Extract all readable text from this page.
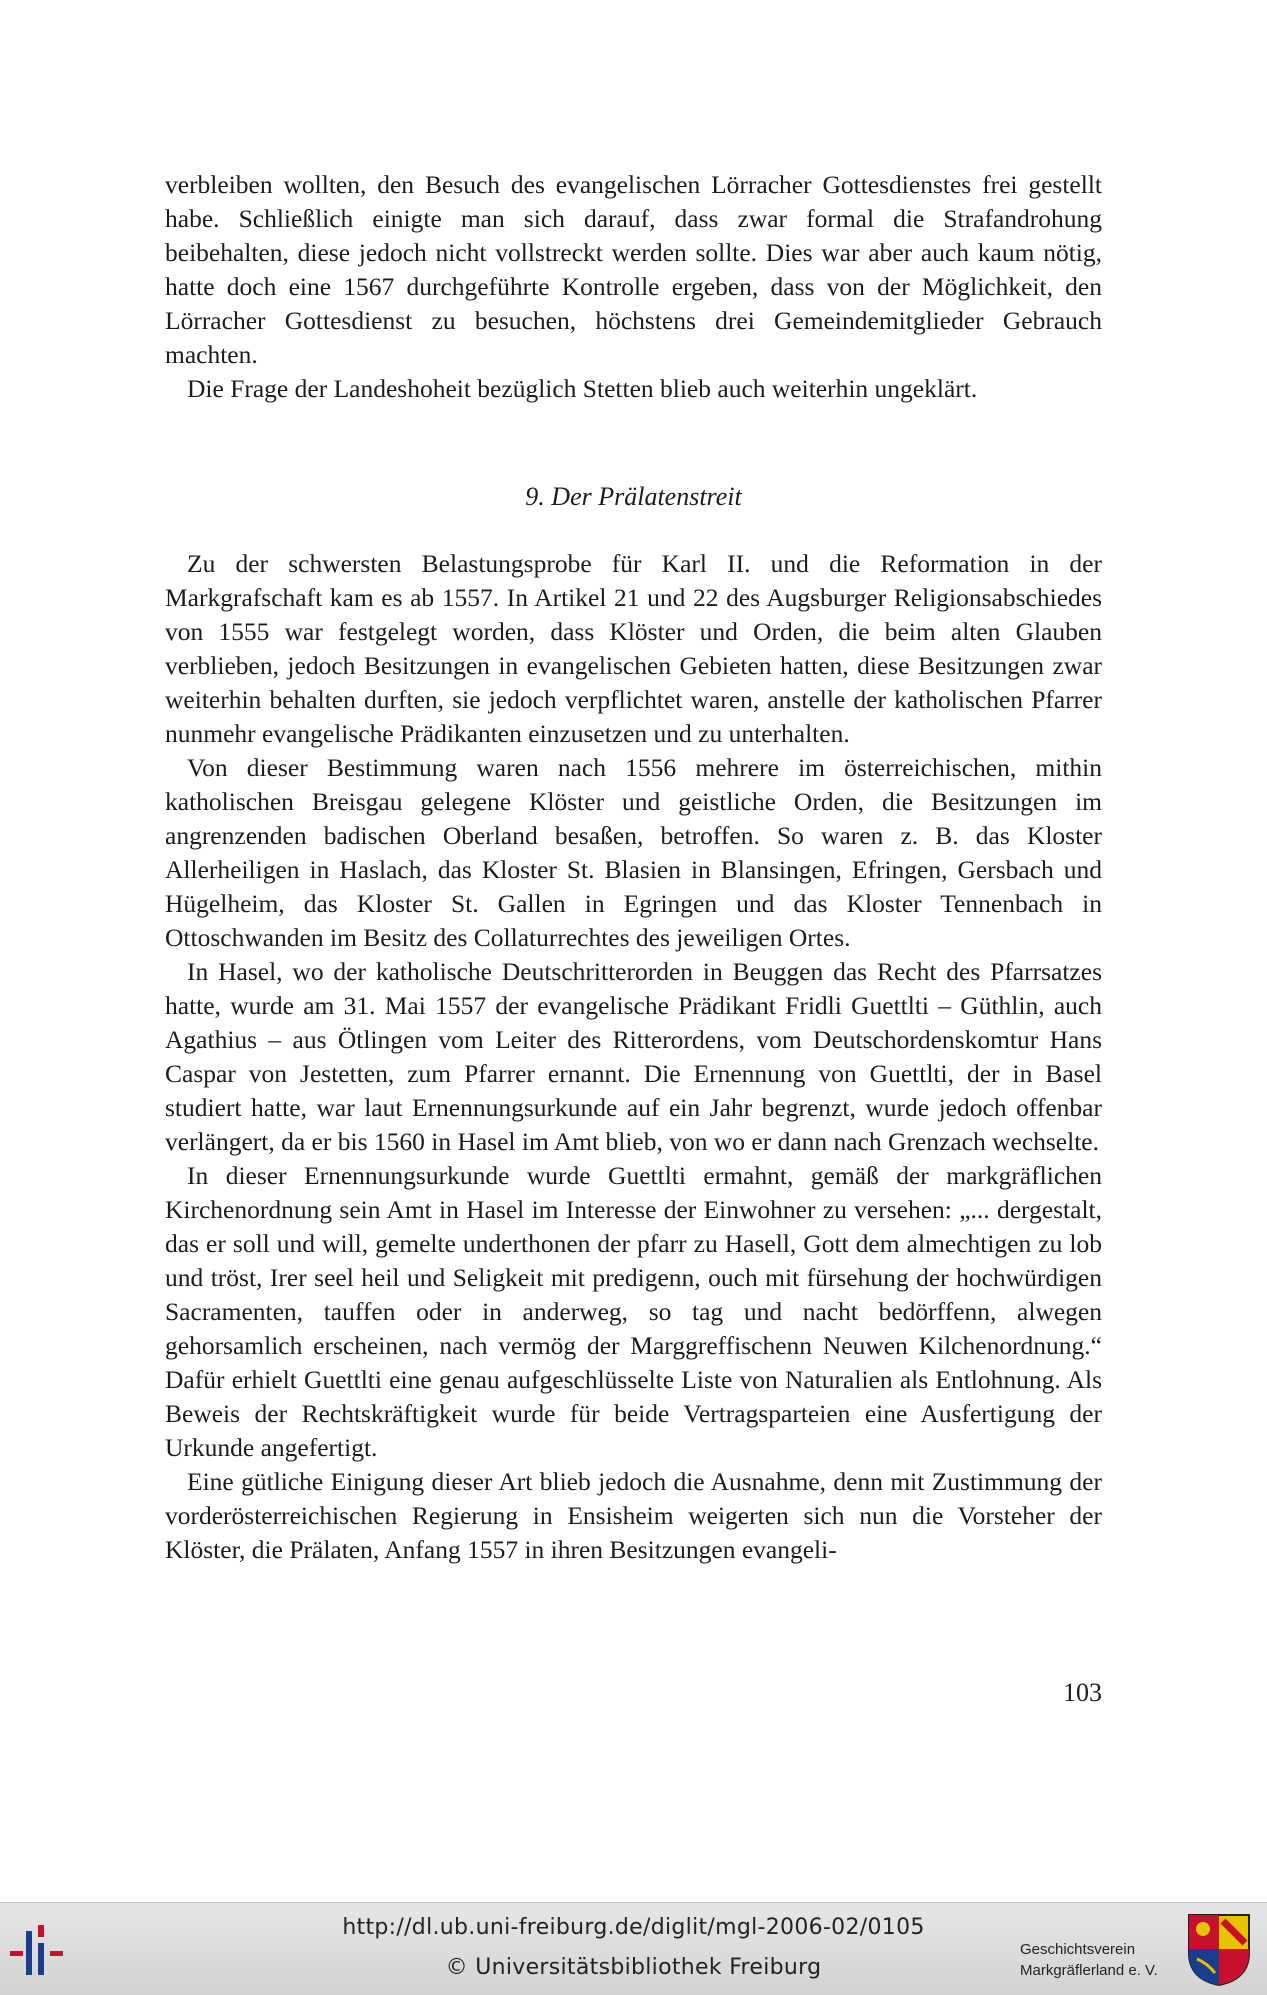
verbleiben wollten, den Besuch des evangelischen Lörracher Gottesdienstes frei gestellt habe. Schließlich einigte man sich darauf, dass zwar formal die Strafandrohung beibehalten, diese jedoch nicht vollstreckt werden sollte. Dies war aber auch kaum nötig, hatte doch eine 1567 durchgeführte Kontrolle ergeben, dass von der Möglichkeit, den Lörracher Gottesdienst zu besuchen, höchstens drei Gemeindemitglieder Gebrauch machten.

Die Frage der Landeshoheit bezüglich Stetten blieb auch weiterhin ungeklärt.

9. Der Prälatenstreit

Zu der schwersten Belastungsprobe für Karl II. und die Reformation in der Markgrafschaft kam es ab 1557. In Artikel 21 und 22 des Augsburger Religionsabschiedes von 1555 war festgelegt worden, dass Klöster und Orden, die beim alten Glauben verblieben, jedoch Besitzungen in evangelischen Gebieten hatten, diese Besitzungen zwar weiterhin behalten durften, sie jedoch verpflichtet waren, anstelle der katholischen Pfarrer nunmehr evangelische Prädikanten einzusetzen und zu unterhalten.

Von dieser Bestimmung waren nach 1556 mehrere im österreichischen, mithin katholischen Breisgau gelegene Klöster und geistliche Orden, die Besitzungen im angrenzenden badischen Oberland besaßen, betroffen. So waren z. B. das Kloster Allerheiligen in Haslach, das Kloster St. Blasien in Blansingen, Efringen, Gersbach und Hügelheim, das Kloster St. Gallen in Egringen und das Kloster Tennenbach in Ottoschwanden im Besitz des Collaturrechtes des jeweiligen Ortes.

In Hasel, wo der katholische Deutschritterorden in Beuggen das Recht des Pfarrsatzes hatte, wurde am 31. Mai 1557 der evangelische Prädikant Fridli Guettlti – Güthlin, auch Agathius – aus Ötlingen vom Leiter des Ritterordens, vom Deutschordenskomtur Hans Caspar von Jestetten, zum Pfarrer ernannt. Die Ernennung von Guettlti, der in Basel studiert hatte, war laut Ernennungsurkunde auf ein Jahr begrenzt, wurde jedoch offenbar verlängert, da er bis 1560 in Hasel im Amt blieb, von wo er dann nach Grenzach wechselte.

In dieser Ernennungsurkunde wurde Guettlti ermahnt, gemäß der markgräflichen Kirchenordnung sein Amt in Hasel im Interesse der Einwohner zu versehen: „... dergestalt, das er soll und will, gemelte underthonen der pfarr zu Hasell, Gott dem almechtigen zu lob und tröst, Irer seel heil und Seligkeit mit predigenn, ouch mit fürsehung der hochwürdigen Sacramenten, tauffen oder in anderweg, so tag und nacht bedörffenn, alwegen gehorsamlich erscheinen, nach vermög der Marggreffischenn Neuwen Kilchenordnung.“ Dafür erhielt Guettlti eine genau aufgeschlüsselte Liste von Naturalien als Entlohnung. Als Beweis der Rechtskräftigkeit wurde für beide Vertragsparteien eine Ausfertigung der Urkunde angefertigt.

Eine gütliche Einigung dieser Art blieb jedoch die Ausnahme, denn mit Zustimmung der vorderösterreichischen Regierung in Ensisheim weigerten sich nun die Vorsteher der Klöster, die Prälaten, Anfang 1557 in ihren Besitzungen evangeli-

103
http://dl.ub.uni-freiburg.de/diglit/mgl-2006-02/0105
© Universitätsbibliothek Freiburg
Geschichtsverein
Markgräflerland e. V.
